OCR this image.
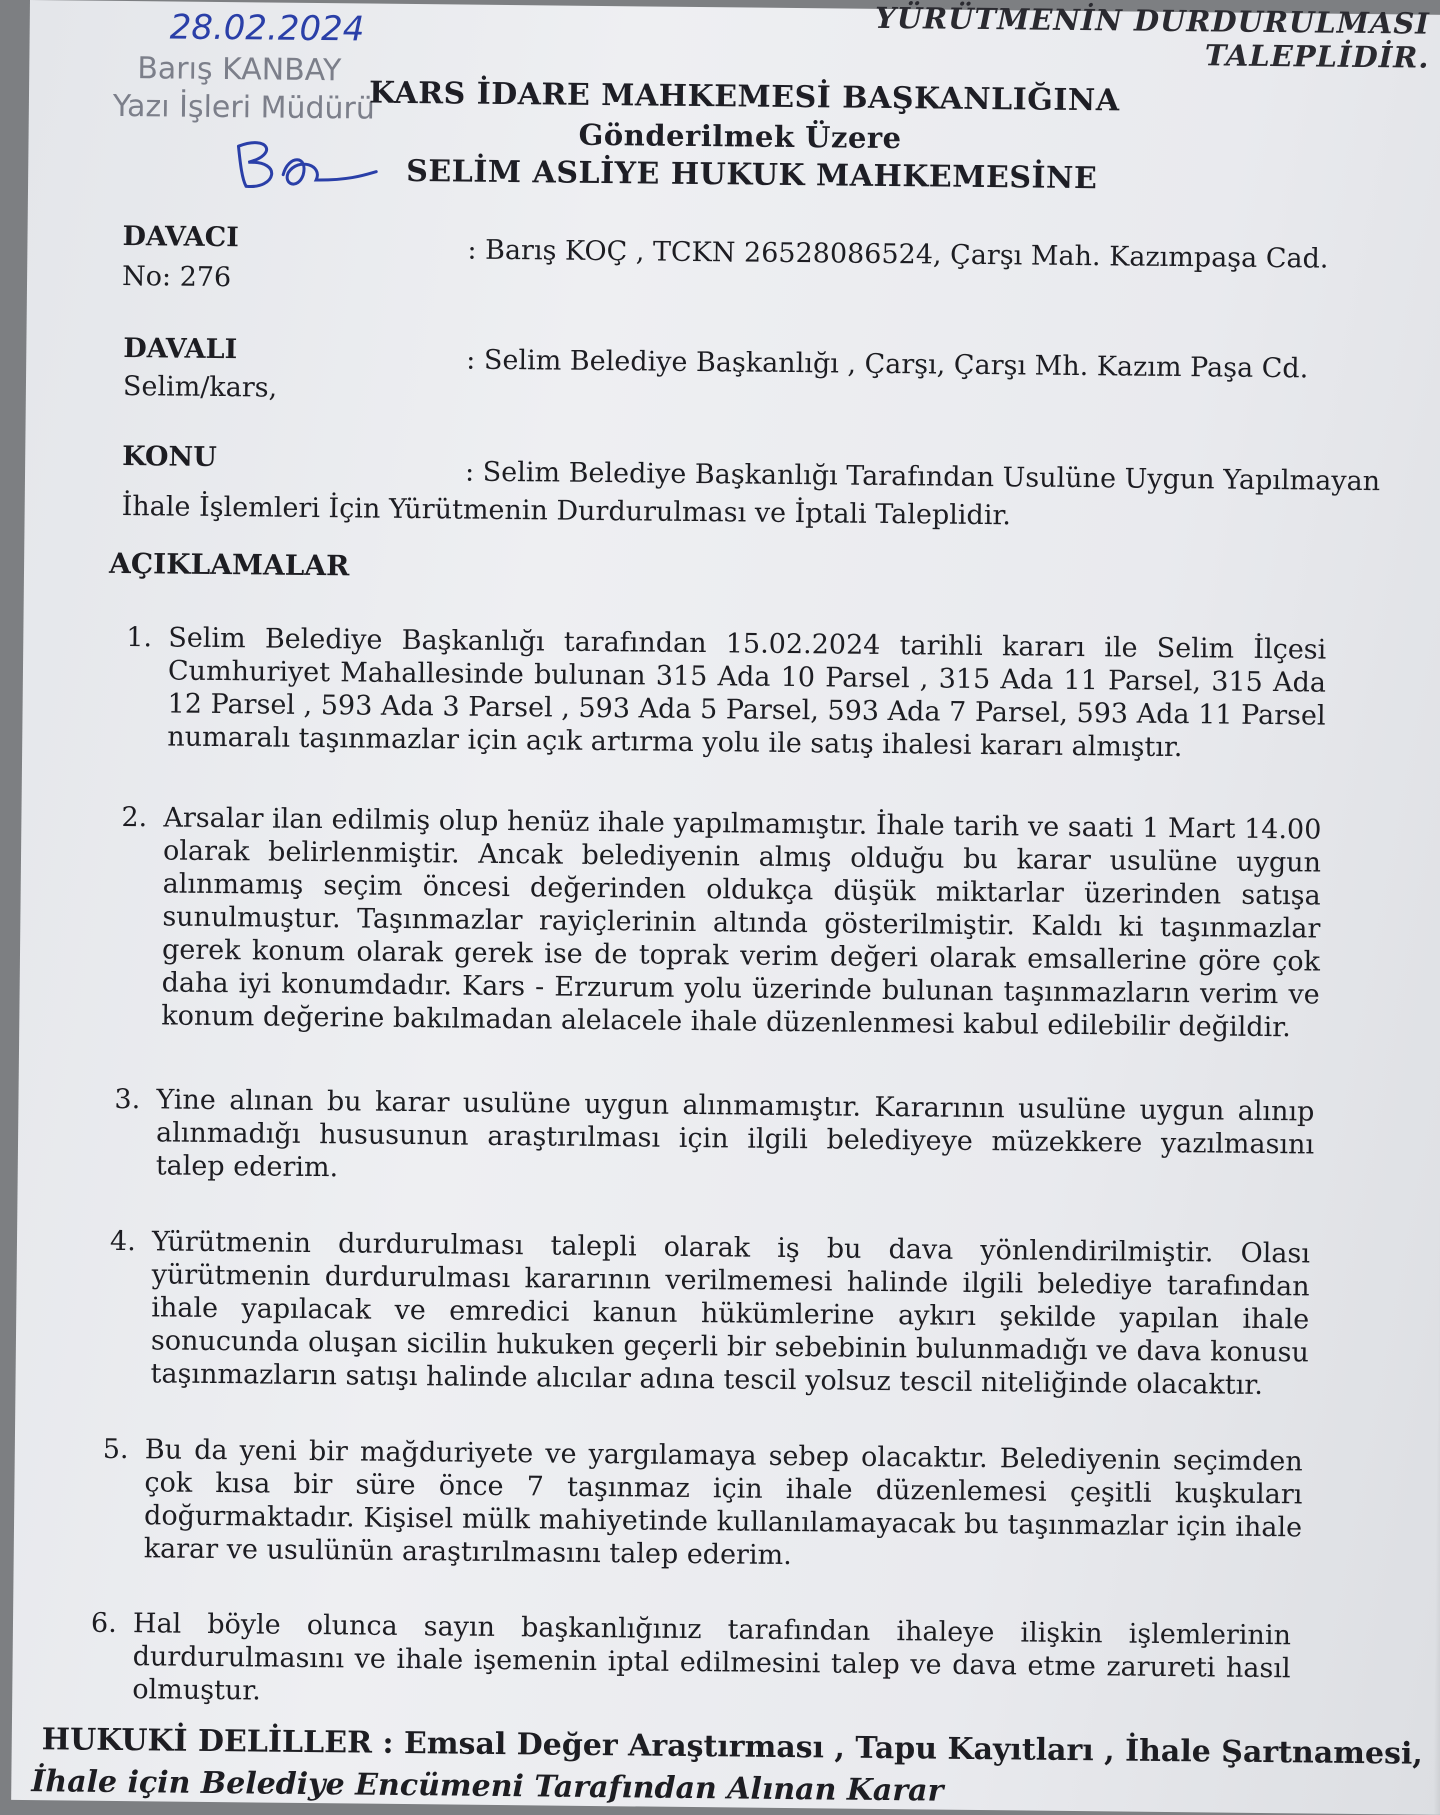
YÜRÜTMENİN DURDURULMASI TALEPLİDİR.
28.02.2024
Barış KANBAY
Yazı İşleri Müdürü
KARS İDARE MAHKEMESİ BAŞKANLIĞINA
Gönderilmek Üzere
SELİM ASLİYE HUKUK MAHKEMESİNE
DAVACI	: Barış KOÇ , TCKN 26528086524, Çarşı Mah. Kazımpaşa Cad.
No: 276
DAVALI	: Selim Belediye Başkanlığı , Çarşı, Çarşı Mh. Kazım Paşa Cd.
Selim/kars,
KONU	: Selim Belediye Başkanlığı Tarafından Usulüne Uygun Yapılmayan
İhale İşlemleri İçin Yürütmenin Durdurulması ve İptali Taleplidir.
AÇIKLAMALAR
1. Selim Belediye Başkanlığı tarafından 15.02.2024 tarihli kararı ile Selim İlçesi Cumhuriyet Mahallesinde bulunan 315 Ada 10 Parsel , 315 Ada 11 Parsel, 315 Ada 12 Parsel , 593 Ada 3 Parsel , 593 Ada 5 Parsel, 593 Ada 7 Parsel, 593 Ada 11 Parsel numaralı taşınmazlar için açık artırma yolu ile satış ihalesi kararı almıştır.
2. Arsalar ilan edilmiş olup henüz ihale yapılmamıştır. İhale tarih ve saati 1 Mart 14.00 olarak belirlenmiştir. Ancak belediyenin almış olduğu bu karar usulüne uygun alınmamış seçim öncesi değerinden oldukça düşük miktarlar üzerinden satışa sunulmuştur. Taşınmazlar rayiçlerinin altında gösterilmiştir. Kaldı ki taşınmazlar gerek konum olarak gerek ise de toprak verim değeri olarak emsallerine göre çok daha iyi konumdadır. Kars - Erzurum yolu üzerinde bulunan taşınmazların verim ve konum değerine bakılmadan alelacele ihale düzenlenmesi kabul edilebilir değildir.
3. Yine alınan bu karar usulüne uygun alınmamıştır. Kararının usulüne uygun alınıp alınmadığı hususunun araştırılması için ilgili belediyeye müzekkere yazılmasını talep ederim.
4. Yürütmenin durdurulması talepli olarak iş bu dava yönlendirilmiştir. Olası yürütmenin durdurulması kararının verilmemesi halinde ilgili belediye tarafından ihale yapılacak ve emredici kanun hükümlerine aykırı şekilde yapılan ihale sonucunda oluşan sicilin hukuken geçerli bir sebebinin bulunmadığı ve dava konusu taşınmazların satışı halinde alıcılar adına tescil yolsuz tescil niteliğinde olacaktır.
5. Bu da yeni bir mağduriyete ve yargılamaya sebep olacaktır. Belediyenin seçimden çok kısa bir süre önce 7 taşınmaz için ihale düzenlemesi çeşitli kuşkuları doğurmaktadır. Kişisel mülk mahiyetinde kullanılamayacak bu taşınmazlar için ihale karar ve usulünün araştırılmasını talep ederim.
6. Hal böyle olunca sayın başkanlığınız tarafından ihaleye ilişkin işlemlerinin durdurulmasını ve ihale işemenin iptal edilmesini talep ve dava etme zarureti hasıl olmuştur.
HUKUKİ DELİLLER : Emsal Değer Araştırması , Tapu Kayıtları , İhale Şartnamesi,
İhale için Belediye Encümeni Tarafından Alınan Karar
